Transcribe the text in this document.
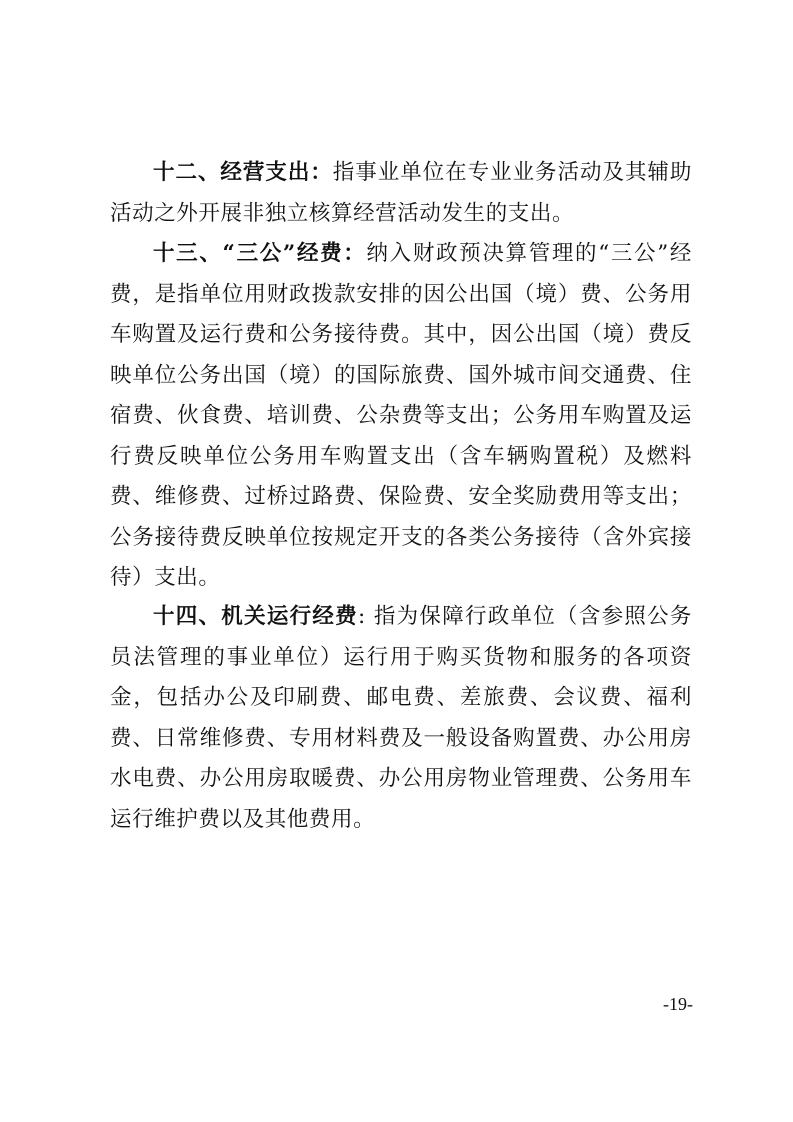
十二、经营支出：指事业单位在专业业务活动及其辅助活动之外开展非独立核算经营活动发生的支出。

十三、“三公”经费：纳入财政预决算管理的“三公”经费，是指单位用财政拨款安排的因公出国（境）费、公务用车购置及运行费和公务接待费。其中，因公出国（境）费反映单位公务出国（境）的国际旅费、国外城市间交通费、住宿费、伙食费、培训费、公杂费等支出；公务用车购置及运行费反映单位公务用车购置支出（含车辆购置税）及燃料费、维修费、过桥过路费、保险费、安全奖励费用等支出；公务接待费反映单位按规定开支的各类公务接待（含外宾接待）支出。

十四、机关运行经费: 指为保障行政单位（含参照公务员法管理的事业单位）运行用于购买货物和服务的各项资金，包括办公及印刷费、邮电费、差旅费、会议费、福利费、日常维修费、专用材料费及一般设备购置费、办公用房水电费、办公用房取暖费、办公用房物业管理费、公务用车运行维护费以及其他费用。

-19-
